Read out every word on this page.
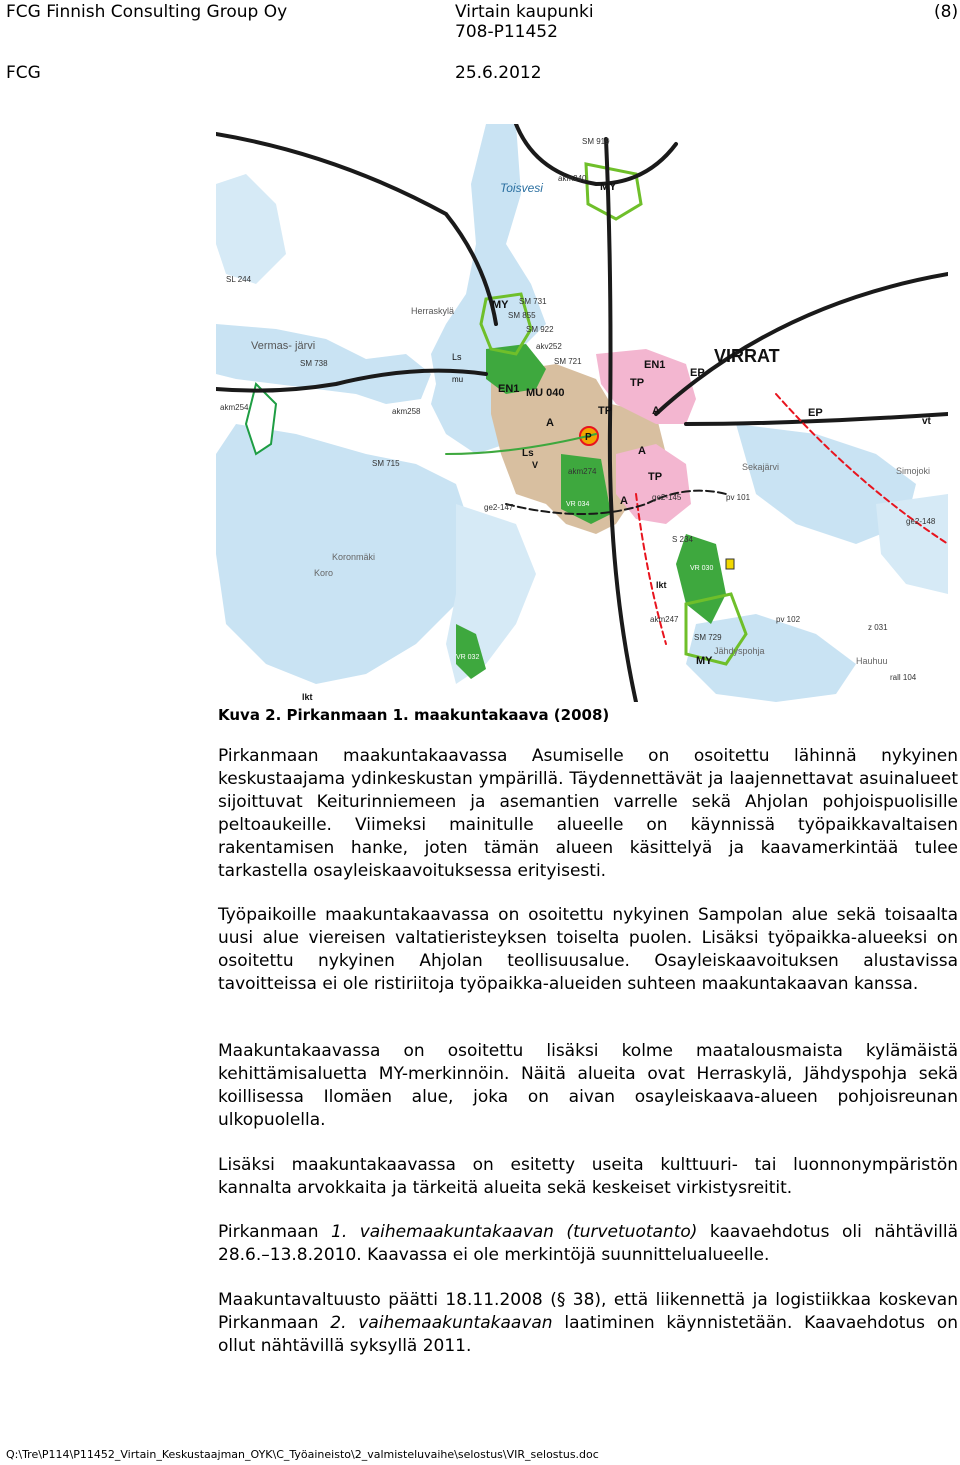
FCG Finnish Consulting Group Oy	Virtain kaupunki	(8)
708-P11452
FCG	25.6.2012
Toisvesi
Herraskylä
Vermas- järvi	VIRRAT
SM 919
akm240
MY
SL 244
MY SM 731
SM 855
SM 922
akv252
SM 721
SM 738
Ls
mu
EN1 MU 040
EN1
EP
TP
TP
TP
EP
vt
akm258
akm254
A
A
A
A
P
Ls
SM 715
akm274
V	Sekajärvi	Simojoki
ge2-145
ge2-147
pv 101
VR 034
ge2-148
S 234
VR 030
Koronmäki
Koro
lkt
akm247	pv 102
z 031
SM 729
Jähdyspohja
MY
VR 032	Hauhuu
rall 104
lkt
Kuva 2. Pirkanmaan 1. maakuntakaava (2008)

Pirkanmaan maakuntakaavassa Asumiselle on osoitettu lähinnä nykyinen keskustaajama ydinkeskustan ympärillä. Täydennettävät ja laajennettavat asuinalueet sijoittuvat Keiturinniemeen ja asemantien varrelle sekä Ahjolan pohjoispuolisille peltoaukeille. Viimeksi mainitulle alueelle on käynnissä työpaikkavaltaisen rakentamisen hanke, joten tämän alueen käsittelyä ja kaavamerkintää tulee tarkastella osayleiskaavoituksessa erityisesti.

Työpaikoille maakuntakaavassa on osoitettu nykyinen Sampolan alue sekä toisaalta uusi alue viereisen valtatieristeyksen toiselta puolen. Lisäksi työpaikka-alueeksi on osoitettu nykyinen Ahjolan teollisuusalue. Osayleiskaavoituksen alustavissa tavoitteissa ei ole ristiriitoja työpaikka-alueiden suhteen maakuntakaavan kanssa.

Maakuntakaavassa on osoitettu lisäksi kolme maatalousmaista kylämäistä kehittämisaluetta MY-merkinnöin. Näitä alueita ovat Herraskylä, Jähdyspohja sekä koillisessa Ilomäen alue, joka on aivan osayleiskaava-alueen pohjoisreunan ulkopuolella.

Lisäksi maakuntakaavassa on esitetty useita kulttuuri- tai luonnonympäristön kannalta arvokkaita ja tärkeitä alueita sekä keskeiset virkistysreitit.

Pirkanmaan 1. vaihemaakuntakaavan (turvetuotanto) kaavaehdotus oli nähtävillä 28.6.–13.8.2010. Kaavassa ei ole merkintöjä suunnittelualueelle.

Maakuntavaltuusto päätti 18.11.2008 (§ 38), että liikennettä ja logistiikkaa koskevan Pirkanmaan 2. vaihemaakuntakaavan laatiminen käynnistetään. Kaavaehdotus on ollut nähtävillä syksyllä 2011.

Q:\Tre\P114\P11452_Virtain_Keskustaajman_OYK\C_Työaineisto\2_valmisteluvaihe\selostus\VIR_selostus.doc
